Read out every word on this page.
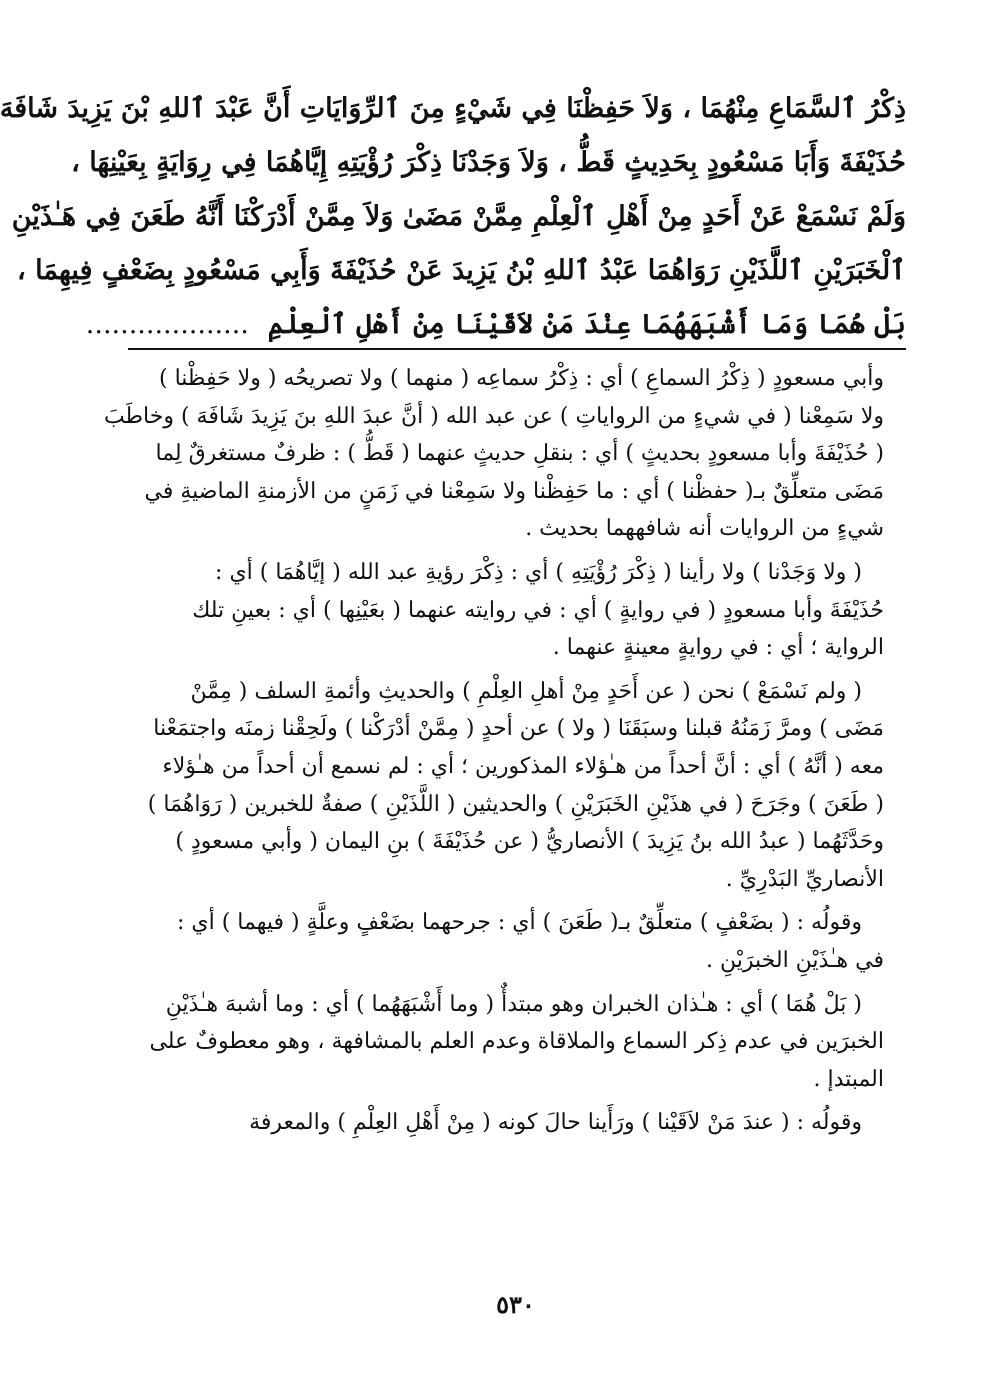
ذِكْرُ ٱلسَّمَاعِ مِنْهُمَا ، وَلاَ حَفِظْنَا فِي شَيْءٍ مِنَ ٱلرِّوَايَاتِ أَنَّ عَبْدَ ٱللهِ بْنَ يَزِيدَ شَافَهَ
حُذَيْفَةَ وَأَبَا مَسْعُودٍ بِحَدِيثٍ قَطُّ ، وَلاَ وَجَدْنَا ذِكْرَ رُؤْيَتِهِ إِيَّاهُمَا فِي رِوَايَةٍ بِعَيْنِهَا ،
وَلَمْ نَسْمَعْ عَنْ أَحَدٍ مِنْ أَهْلِ ٱلْعِلْمِ مِمَّنْ مَضَىٰ وَلاَ مِمَّنْ أَدْرَكْنَا أَنَّهُ طَعَنَ فِي هَـٰذَيْنِ
ٱلْخَبَرَيْنِ ٱللَّذَيْنِ رَوَاهُمَا عَبْدُ ٱللهِ بْنُ يَزِيدَ عَنْ حُذَيْفَةَ وَأَبِي مَسْعُودٍ بِضَعْفٍ فِيهِمَا ،
بَلْ هُمَا وَمَا أَشْبَهَهُمَا عِنْدَ مَنْ لاَقَيْنَا مِنْ أَهْلِ ٱلْعِلْمِ  ...................

وأبي مسعودٍ ( ذِكْرُ السماعِ ) أي : ذِكْرُ سماعِه ( منهما ) ولا تصريحُه ( ولا حَفِظْنا )
ولا سَمِعْنا ( في شيءٍ من الرواياتِ ) عن عبد الله ( أنَّ عبدَ اللهِ بنَ يَزِيدَ شَافَهَ ) وخاطَبَ
( حُذَيْفَةَ وأبا مسعودٍ بحديثٍ ) أي : بنقلِ حديثٍ عنهما ( قَطُّ ) : ظرفٌ مستغرقٌ لِما
مَضَى متعلِّقٌ بـ( حفظْنا ) أي : ما حَفِظْنا ولا سَمِعْنا في زَمَنٍ من الأزمنةِ الماضيةِ في
شيءٍ من الروايات أنه شافههما بحديث .

( ولا وَجَدْنا ) ولا رأينا ( ذِكْرَ رُؤْيَتِهِ ) أي : ذِكْرَ رؤيةِ عبد الله ( إيَّاهُمَا ) أي :
حُذَيْفَةَ وأبا مسعودٍ ( في روايةٍ ) أي : في روايته عنهما ( بعَيْنِها ) أي : بعينِ تلك
الرواية ؛ أي : في روايةٍ معينةٍ عنهما .

( ولم نَسْمَعْ ) نحن ( عن أَحَدٍ مِنْ أهلِ العِلْمِ ) والحديثِ وأئمةِ السلف ( مِمَّنْ
مَضَى ) ومرَّ زَمَنُهُ قبلنا وسبَقَنَا ( ولا ) عن أحدٍ ( مِمَّنْ أدْرَكْنا ) ولَحِقْنا زمنَه واجتمَعْنا
معه ( أنَّهُ ) أي : أنَّ أحداً من هـٰؤلاء المذكورين ؛ أي : لم نسمع أن أحداً من هـٰؤلاء
( طَعَنَ ) وجَرَحَ ( في هذَيْنِ الخَبَرَيْنِ ) والحديثين ( اللَّذَيْنِ ) صفةٌ للخبرين ( رَوَاهُمَا )
وحَدَّثَهُما ( عبدُ الله بنُ يَزِيدَ ) الأنصاريُّ ( عن حُذَيْفَةَ ) بنِ اليمان ( وأبي مسعودٍ )
الأنصاريِّ البَدْرِيِّ .

وقولُه : ( بضَعْفٍ ) متعلِّقٌ بـ( طَعَنَ ) أي : جرحهما بضَعْفٍ وعلَّةٍ ( فيهما ) أي :
في هـٰذَيْنِ الخبرَيْنِ .

( بَلْ هُمَا ) أي : هـٰذان الخبران وهو مبتدأٌ ( وما أَشْبَهَهُما ) أي : وما أشبهَ هـٰذَيْنِ
الخبرَين في عدم ذِكر السماع والملاقاة وعدم العلم بالمشافهة ، وهو معطوفٌ على
المبتدإ .

وقولُه : ( عندَ مَنْ لاَقَيْنا ) ورَأَينا حالَ كونه ( مِنْ أَهْلِ العِلْمِ ) والمعرفة

٥٣٠
